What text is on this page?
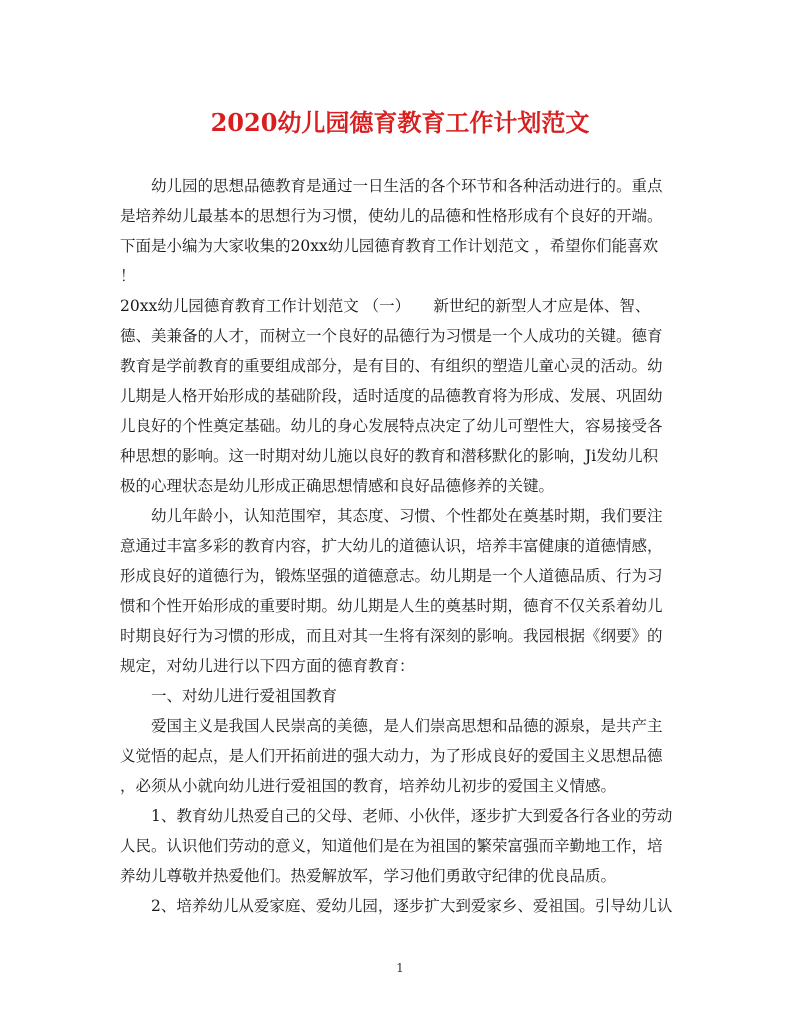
2020幼儿园德育教育工作计划范文
　　幼儿园的思想品德教育是通过一日生活的各个环节和各种活动进行的。重点
是培养幼儿最基本的思想行为习惯，使幼儿的品德和性格形成有个良好的开端。
下面是小编为大家收集的20xx幼儿园德育教育工作计划范文 ，希望你们能喜欢
！
20xx幼儿园德育教育工作计划范文 （一）　　新世纪的新型人才应是体、智、
德、美兼备的人才，而树立一个良好的品德行为习惯是一个人成功的关键。德育
教育是学前教育的重要组成部分，是有目的、有组织的塑造儿童心灵的活动。幼
儿期是人格开始形成的基础阶段，适时适度的品德教育将为形成、发展、巩固幼
儿良好的个性奠定基础。幼儿的身心发展特点决定了幼儿可塑性大，容易接受各
种思想的影响。这一时期对幼儿施以良好的教育和潜移默化的影响，Ji发幼儿积
极的心理状态是幼儿形成正确思想情感和良好品德修养的关键。
　　幼儿年龄小，认知范围窄，其态度、习惯、个性都处在奠基时期，我们要注
意通过丰富多彩的教育内容，扩大幼儿的道德认识，培养丰富健康的道德情感，
形成良好的道德行为，锻炼坚强的道德意志。幼儿期是一个人道德品质、行为习
惯和个性开始形成的重要时期。幼儿期是人生的奠基时期，德育不仅关系着幼儿
时期良好行为习惯的形成，而且对其一生将有深刻的影响。我园根据《纲要》的
规定，对幼儿进行以下四方面的德育教育：
　　一、对幼儿进行爱祖国教育
　　爱国主义是我国人民崇高的美德，是人们崇高思想和品德的源泉，是共产主
义觉悟的起点，是人们开拓前进的强大动力，为了形成良好的爱国主义思想品德
，必须从小就向幼儿进行爱祖国的教育，培养幼儿初步的爱国主义情感。
　　1、教育幼儿热爱自己的父母、老师、小伙伴，逐步扩大到爱各行各业的劳动
人民。认识他们劳动的意义，知道他们是在为祖国的繁荣富强而辛勤地工作，培
养幼儿尊敬并热爱他们。热爱解放军，学习他们勇敢守纪律的优良品质。
　　2、培养幼儿从爱家庭、爱幼儿园，逐步扩大到爱家乡、爱祖国。引导幼儿认
1
